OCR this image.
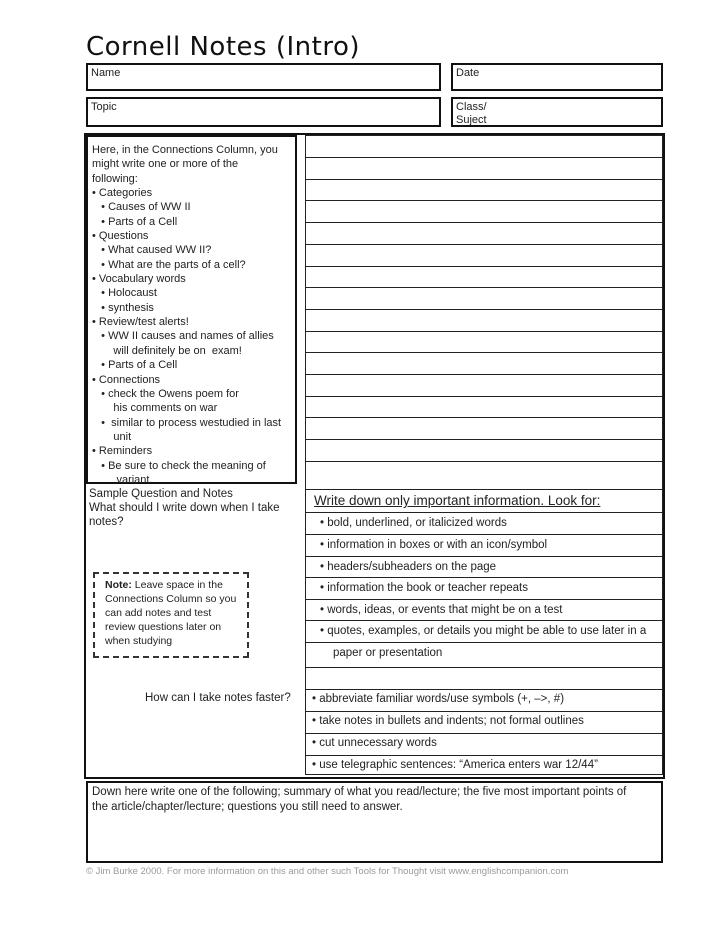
Cornell Notes (Intro)
Name	Date
Topic	Class/
Suject
Here, in the Connections Column, you
might write one or more of the
following:
• Categories
• Causes of WW II
• Parts of a Cell
• Questions
• What caused WW II?
• What are the parts of a cell?
• Vocabulary words
• Holocaust
• synthesis
• Review/test alerts!
• WW II causes and names of allies
will definitely be on  exam!
• Parts of a Cell
• Connections
• check the Owens poem for
his comments on war
•  similar to process westudied in last
unit
• Reminders
• Be sure to check the meaning of
variant.
Sample Question and Notes
What should I write down when I take
notes?
Note: Leave space in the
Connections Column so you
can add notes and test
review questions later on
when studying
How can I take notes faster?
Write down only important information. Look for:
• bold, underlined, or italicized words
• information in boxes or with an icon/symbol
• headers/subheaders on the page
• information the book or teacher repeats
• words, ideas, or events that might be on a test
• quotes, examples, or details you might be able to use later in a
paper or presentation
• abbreviate familiar words/use symbols (+, –>, #)
• take notes in bullets and indents; not formal outlines
• cut unnecessary words
• use telegraphic sentences: “America enters war 12/44”
Down here write one of the following; summary of what you read/lecture; the five most important points of
the article/chapter/lecture; questions you still need to answer.
© Jim Burke 2000. For more information on this and other such Tools for Thought visit www.englishcompanion.com
